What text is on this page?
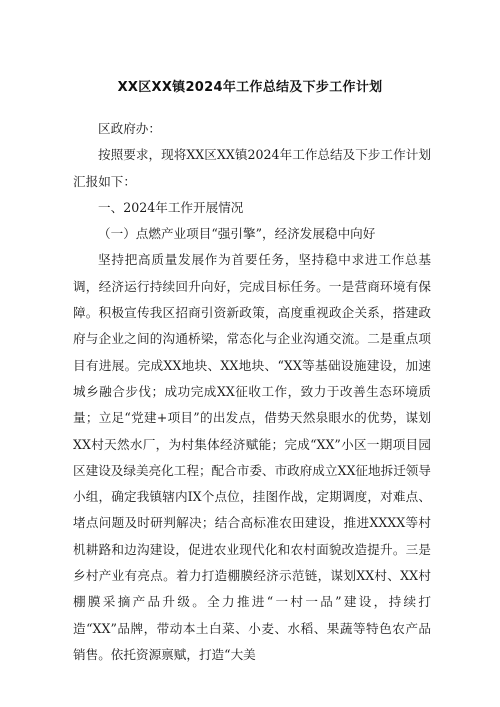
XX区XX镇2024年工作总结及下步工作计划

区政府办：

按照要求，现将XX区XX镇2024年工作总结及下步工作计划汇报如下：

一、2024年工作开展情况

（一）点燃产业项目“强引擎”，经济发展稳中向好

坚持把高质量发展作为首要任务，坚持稳中求进工作总基调，经济运行持续回升向好，完成目标任务。一是营商环境有保障。积极宣传我区招商引资新政策，高度重视政企关系，搭建政府与企业之间的沟通桥梁，常态化与企业沟通交流。二是重点项目有进展。完成XX地块、XX地块、“XX等基础设施建设，加速城乡融合步伐；成功完成XX征收工作，致力于改善生态环境质量；立足“党建+项目”的出发点，借势天然泉眼水的优势，谋划XX村天然水厂，为村集体经济赋能；完成“XX”小区一期项目园区建设及绿美亮化工程；配合市委、市政府成立XX征地拆迁领导小组，确定我镇辖内IX个点位，挂图作战，定期调度，对难点、堵点问题及时研判解决；结合高标准农田建设，推进XXXX等村机耕路和边沟建设，促进农业现代化和农村面貌改造提升。三是乡村产业有亮点。着力打造棚膜经济示范链，谋划XX村、XX村棚膜采摘产品升级。全力推进“一村一品”建设，持续打造“XX”品牌，带动本土白菜、小麦、水稻、果蔬等特色农产品销售。依托资源禀赋，打造“大美
